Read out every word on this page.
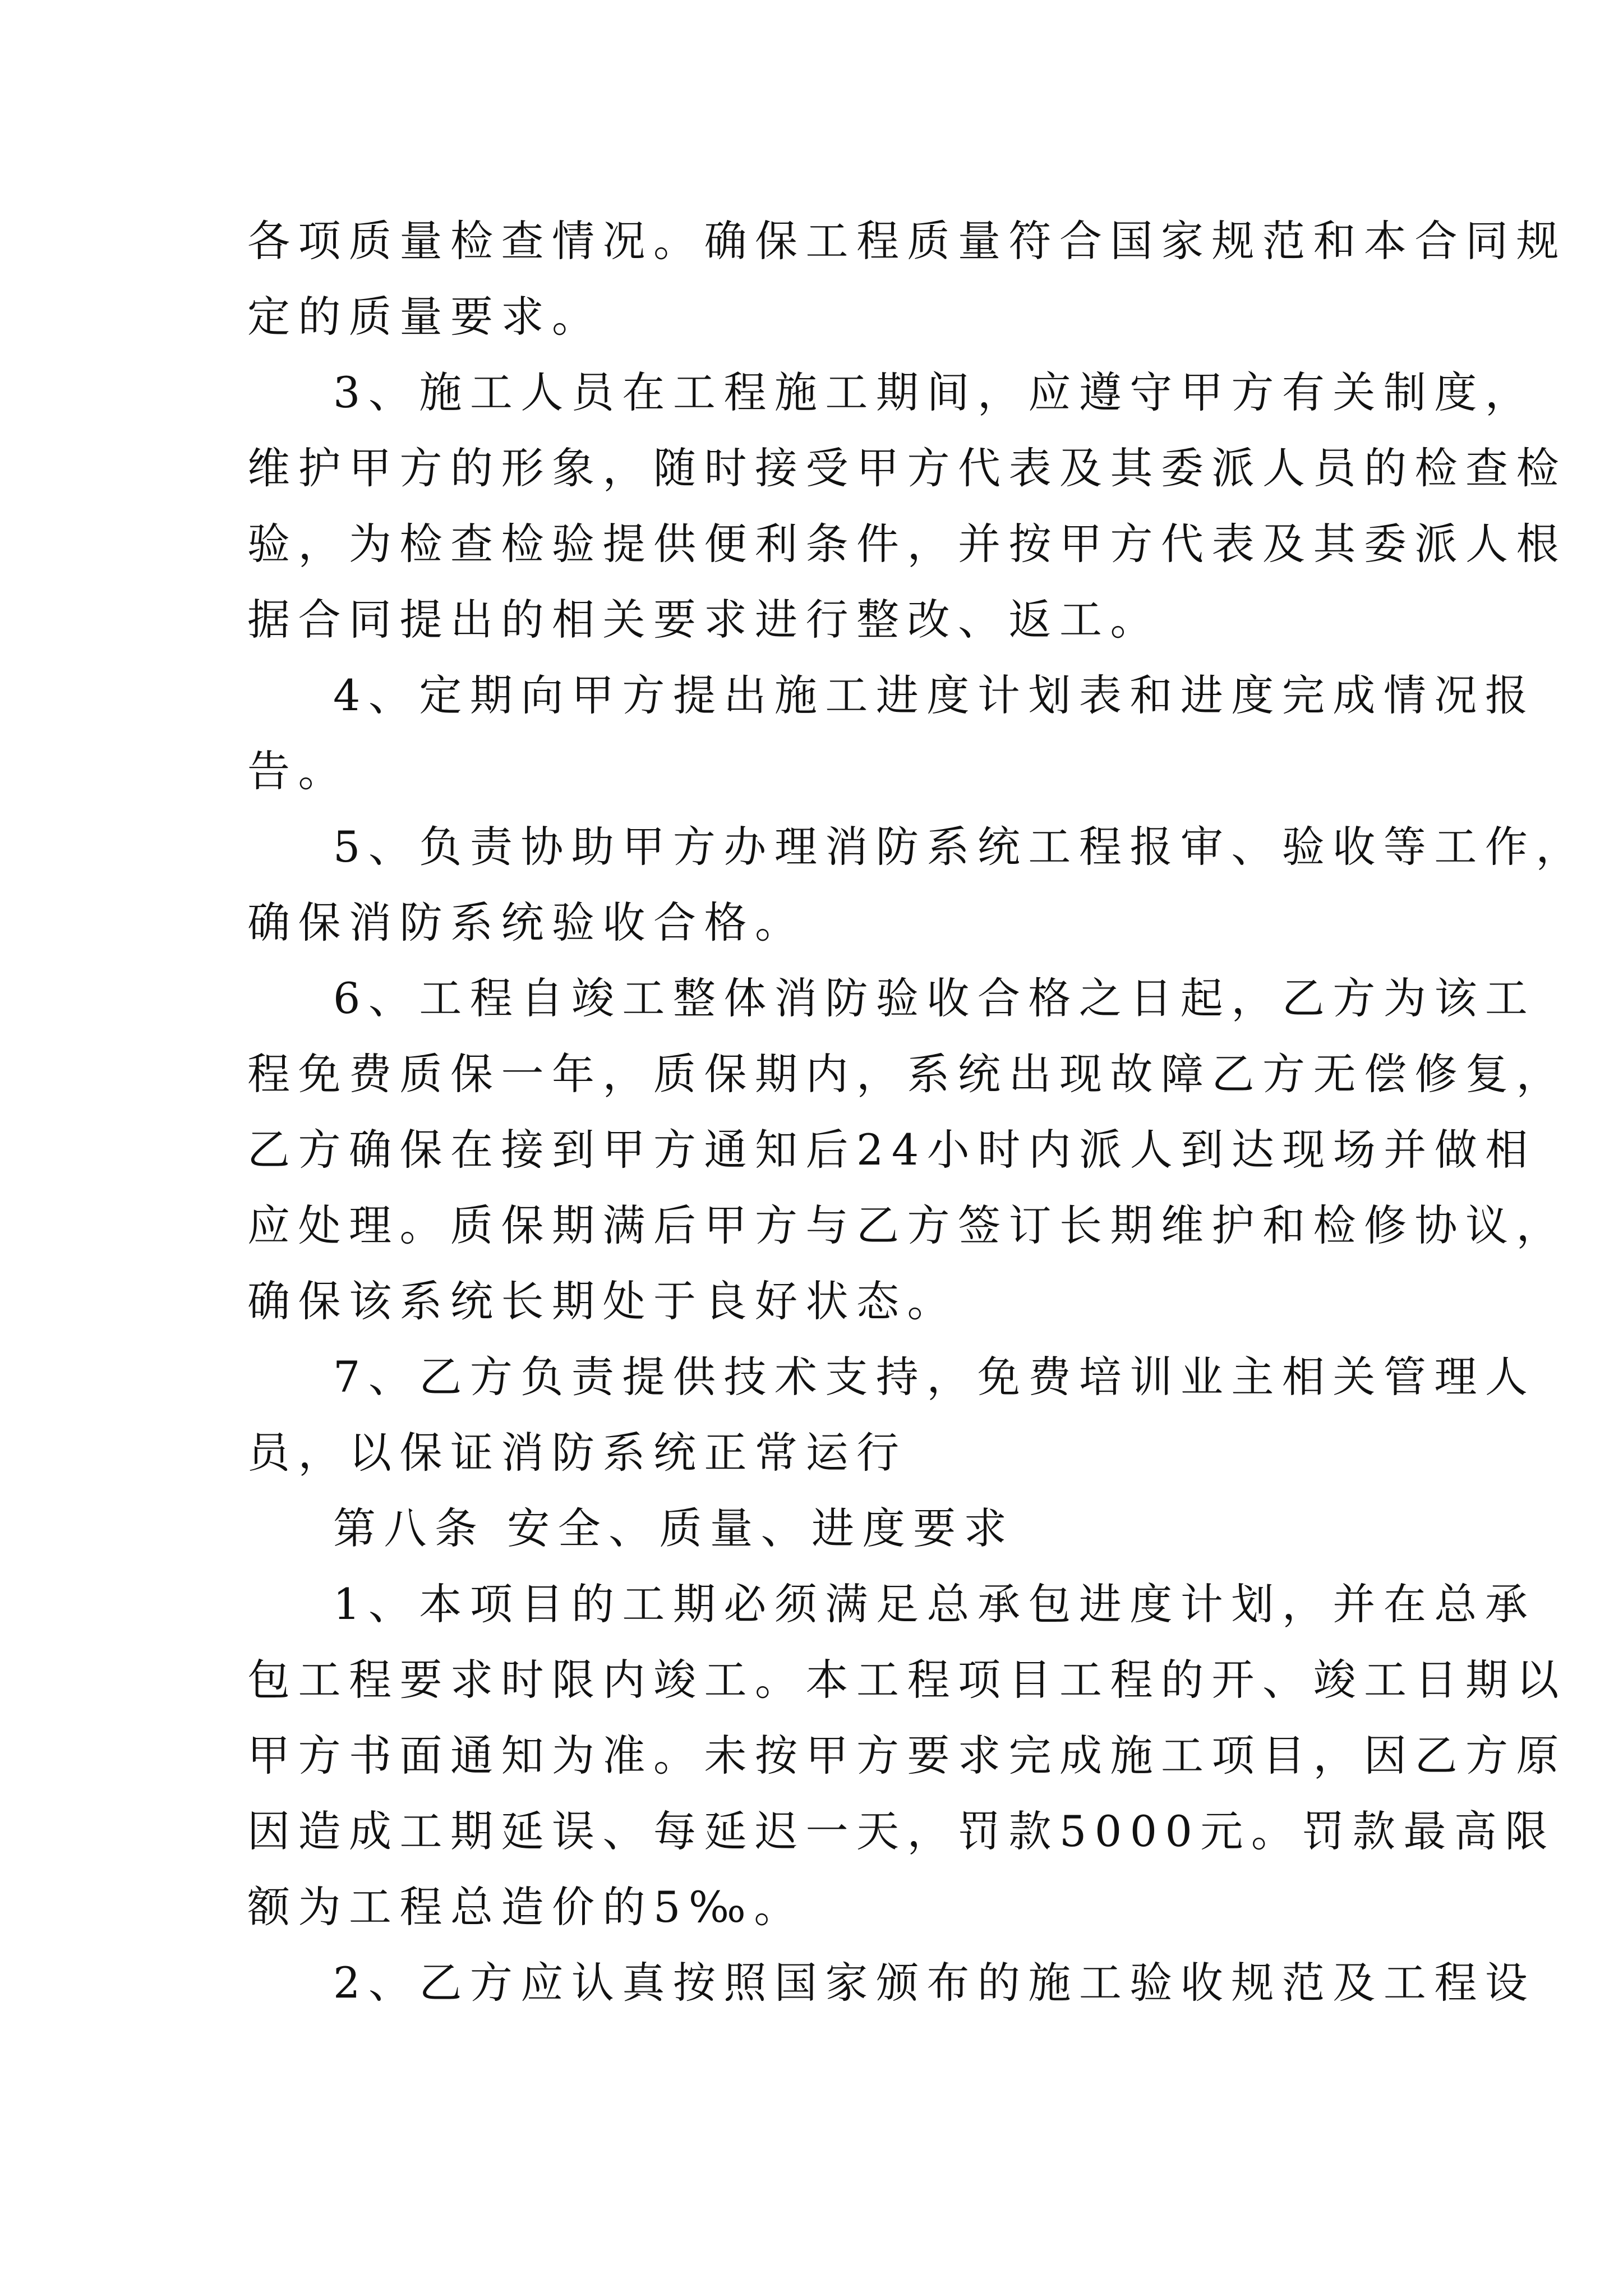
各项质量检查情况。确保工程质量符合国家规范和本合同规
定的质量要求。
3、施工人员在工程施工期间，应遵守甲方有关制度，
维护甲方的形象，随时接受甲方代表及其委派人员的检查检
验，为检查检验提供便利条件，并按甲方代表及其委派人根
据合同提出的相关要求进行整改、返工。
4、定期向甲方提出施工进度计划表和进度完成情况报
告。
5、负责协助甲方办理消防系统工程报审、验收等工作，
确保消防系统验收合格。
6、工程自竣工整体消防验收合格之日起，乙方为该工
程免费质保一年，质保期内，系统出现故障乙方无偿修复，
乙方确保在接到甲方通知后24小时内派人到达现场并做相
应处理。质保期满后甲方与乙方签订长期维护和检修协议，
确保该系统长期处于良好状态。
7、乙方负责提供技术支持，免费培训业主相关管理人
员，以保证消防系统正常运行
第八条 安全、质量、进度要求
1、本项目的工期必须满足总承包进度计划，并在总承
包工程要求时限内竣工。本工程项目工程的开、竣工日期以
甲方书面通知为准。未按甲方要求完成施工项目，因乙方原
因造成工期延误、每延迟一天，罚款5000元。罚款最高限
额为工程总造价的5‰。
2、乙方应认真按照国家颁布的施工验收规范及工程设
